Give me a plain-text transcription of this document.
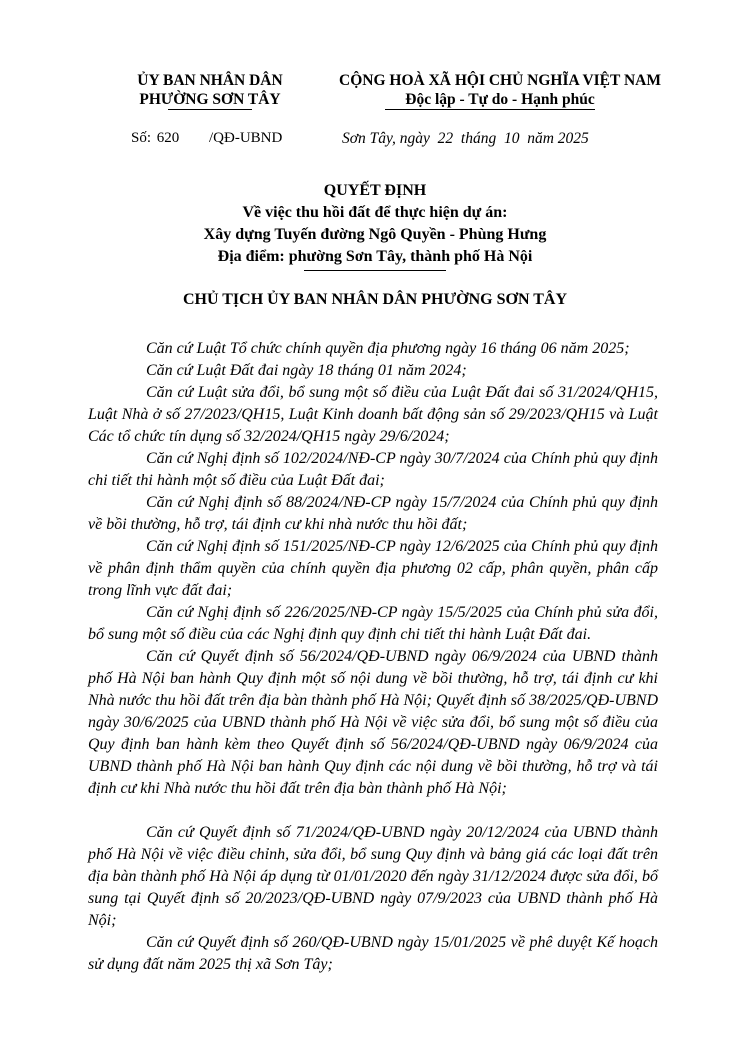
ỦY BAN NHÂN DÂN
PHƯỜNG SƠN TÂY
CỘNG HOÀ XÃ HỘI CHỦ NGHĨA VIỆT NAM
Độc lập - Tự do - Hạnh phúc
Số: 620 /QĐ-UBND	Sơn Tây, ngày  22  tháng  10  năm 2025
QUYẾT ĐỊNH
Về việc thu hồi đất để thực hiện dự án:
Xây dựng Tuyến đường Ngô Quyền - Phùng Hưng
Địa điểm: phường Sơn Tây, thành phố Hà Nội
CHỦ TỊCH ỦY BAN NHÂN DÂN PHƯỜNG SƠN TÂY
Căn cứ Luật Tổ chức chính quyền địa phương ngày 16 tháng 06 năm 2025;
Căn cứ Luật Đất đai ngày 18 tháng 01 năm 2024;
Căn cứ Luật sửa đổi, bổ sung một số điều của Luật Đất đai số 31/2024/QH15, Luật Nhà ở số 27/2023/QH15, Luật Kinh doanh bất động sản số 29/2023/QH15 và Luật Các tổ chức tín dụng số 32/2024/QH15 ngày 29/6/2024;
Căn cứ Nghị định số 102/2024/NĐ-CP ngày 30/7/2024 của Chính phủ quy định chi tiết thi hành một số điều của Luật Đất đai;
Căn cứ Nghị định số 88/2024/NĐ-CP ngày 15/7/2024 của Chính phủ quy định về bồi thường, hỗ trợ, tái định cư khi nhà nước thu hồi đất;
Căn cứ Nghị định số 151/2025/NĐ-CP ngày 12/6/2025 của Chính phủ quy định về phân định thẩm quyền của chính quyền địa phương 02 cấp, phân quyền, phân cấp trong lĩnh vực đất đai;
Căn cứ Nghị định số 226/2025/NĐ-CP ngày 15/5/2025 của Chính phủ sửa đổi, bổ sung một số điều của các Nghị định quy định chi tiết thi hành Luật Đất đai.
Căn cứ Quyết định số 56/2024/QĐ-UBND ngày 06/9/2024 của UBND thành phố Hà Nội ban hành Quy định một số nội dung về bồi thường, hỗ trợ, tái định cư khi Nhà nước thu hồi đất trên địa bàn thành phố Hà Nội; Quyết định số 38/2025/QĐ-UBND ngày 30/6/2025 của UBND thành phố Hà Nội về việc sửa đổi, bổ sung một số điều của Quy định ban hành kèm theo Quyết định số 56/2024/QĐ-UBND ngày 06/9/2024 của UBND thành phố Hà Nội ban hành Quy định các nội dung về bồi thường, hỗ trợ và tái định cư khi Nhà nước thu hồi đất trên địa bàn thành phố Hà Nội;
Căn cứ Quyết định số 71/2024/QĐ-UBND ngày 20/12/2024 của UBND thành phố Hà Nội về việc điều chỉnh, sửa đổi, bổ sung Quy định và bảng giá các loại đất trên địa bàn thành phố Hà Nội áp dụng từ 01/01/2020 đến ngày 31/12/2024 được sửa đổi, bổ sung tại Quyết định số 20/2023/QĐ-UBND ngày 07/9/2023 của UBND thành phố Hà Nội;
Căn cứ Quyết định số 260/QĐ-UBND ngày 15/01/2025 về phê duyệt Kế hoạch sử dụng đất năm 2025 thị xã Sơn Tây;
